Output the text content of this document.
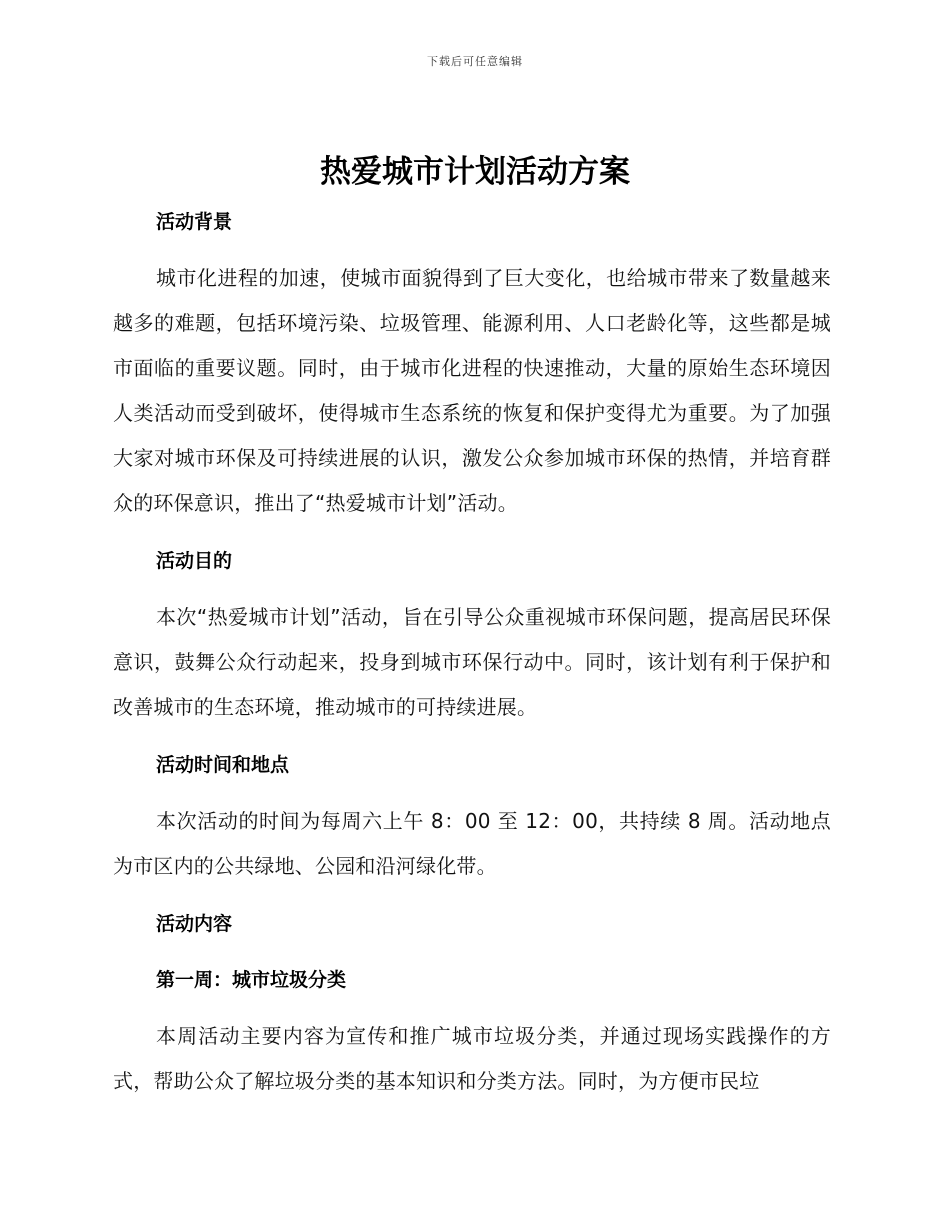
下载后可任意编辑
热爱城市计划活动方案
活动背景

城市化进程的加速，使城市面貌得到了巨大变化，也给城市带来了数量越来越多的难题，包括环境污染、垃圾管理、能源利用、人口老龄化等，这些都是城市面临的重要议题。同时，由于城市化进程的快速推动，大量的原始生态环境因人类活动而受到破坏，使得城市生态系统的恢复和保护变得尤为重要。为了加强大家对城市环保及可持续进展的认识，激发公众参加城市环保的热情，并培育群众的环保意识，推出了“热爱城市计划”活动。

活动目的

本次“热爱城市计划”活动，旨在引导公众重视城市环保问题，提高居民环保意识，鼓舞公众行动起来，投身到城市环保行动中。同时，该计划有利于保护和改善城市的生态环境，推动城市的可持续进展。

活动时间和地点

本次活动的时间为每周六上午 8：00 至 12：00，共持续 8 周。活动地点为市区内的公共绿地、公园和沿河绿化带。

活动内容
第一周：城市垃圾分类

本周活动主要内容为宣传和推广城市垃圾分类，并通过现场实践操作的方式，帮助公众了解垃圾分类的基本知识和分类方法。同时，为方便市民垃
